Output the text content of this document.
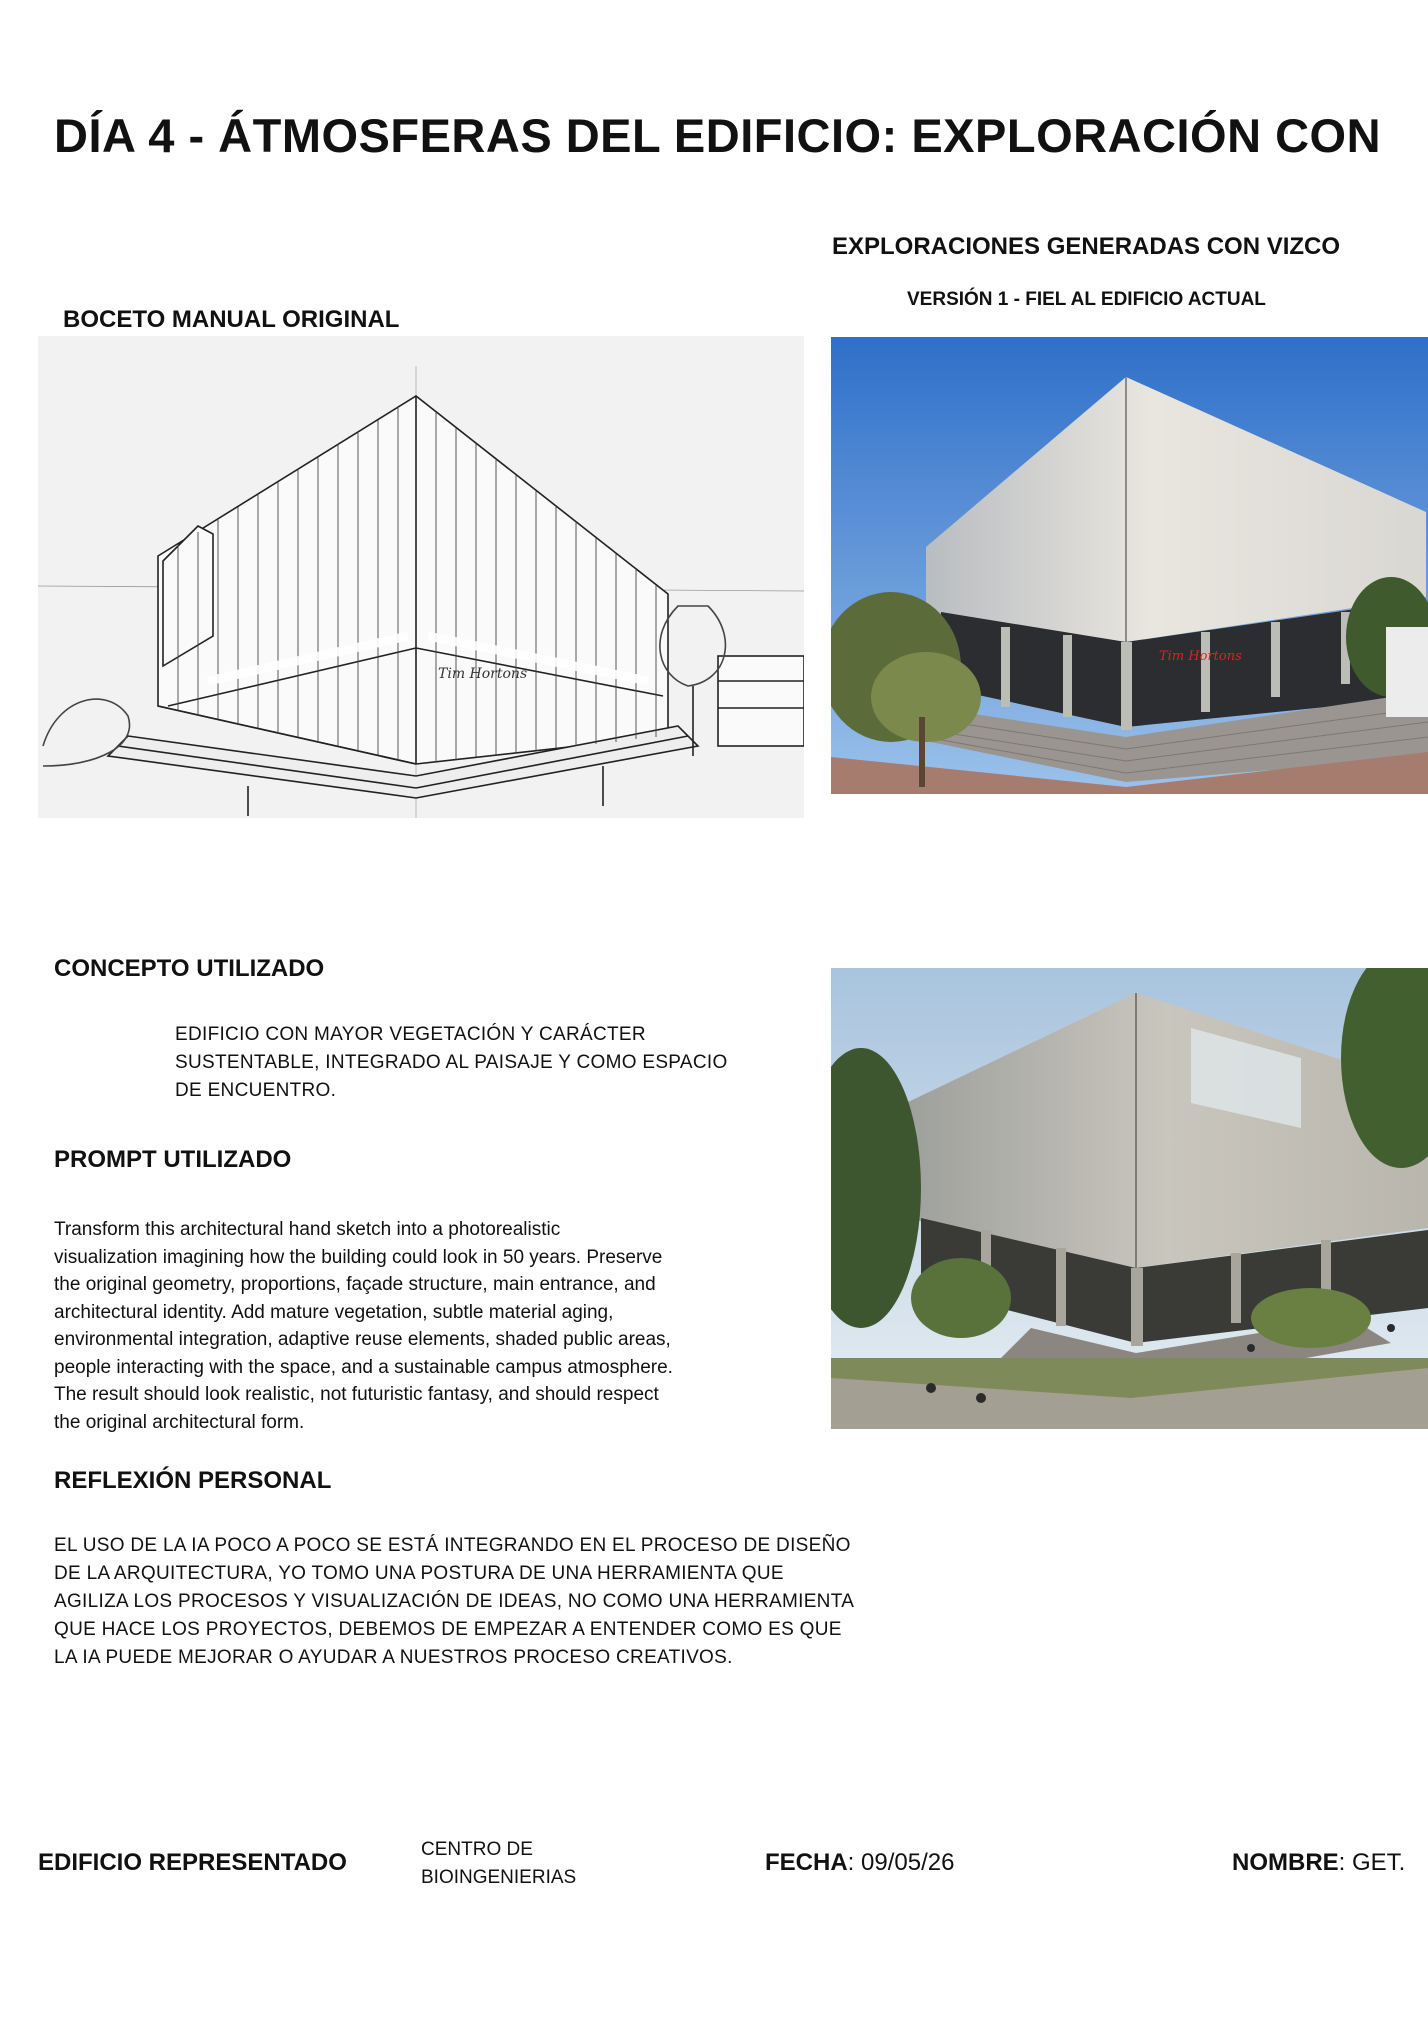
DÍA 4 - ÁTMOSFERAS DEL EDIFICIO: EXPLORACIÓN CON
EXPLORACIONES GENERADAS CON VIZCO
VERSIÓN 1 - FIEL AL EDIFICIO ACTUAL
BOCETO MANUAL ORIGINAL
Tim Hortons
Tim Hortons
CONCEPTO UTILIZADO
EDIFICIO CON MAYOR VEGETACIÓN Y CARÁCTER
SUSTENTABLE, INTEGRADO AL PAISAJE Y COMO ESPACIO
DE ENCUENTRO.
PROMPT UTILIZADO
Transform this architectural hand sketch into a photorealistic
visualization imagining how the building could look in 50 years. Preserve
the original geometry, proportions, façade structure, main entrance, and
architectural identity. Add mature vegetation, subtle material aging,
environmental integration, adaptive reuse elements, shaded public areas,
people interacting with the space, and a sustainable campus atmosphere.
The result should look realistic, not futuristic fantasy, and should respect
the original architectural form.
REFLEXIÓN PERSONAL
EL USO DE LA IA POCO A POCO SE ESTÁ INTEGRANDO EN EL PROCESO DE DISEÑO
DE LA ARQUITECTURA, YO TOMO UNA POSTURA DE UNA HERRAMIENTA QUE
AGILIZA LOS PROCESOS Y VISUALIZACIÓN DE IDEAS, NO COMO UNA HERRAMIENTA
QUE HACE LOS PROYECTOS, DEBEMOS DE EMPEZAR A ENTENDER COMO ES QUE
LA IA PUEDE MEJORAR O AYUDAR A NUESTROS PROCESO CREATIVOS.
EDIFICIO REPRESENTADO	CENTRO DE
BIOINGENIERIAS
FECHA: 09/05/26	NOMBRE: GET.
